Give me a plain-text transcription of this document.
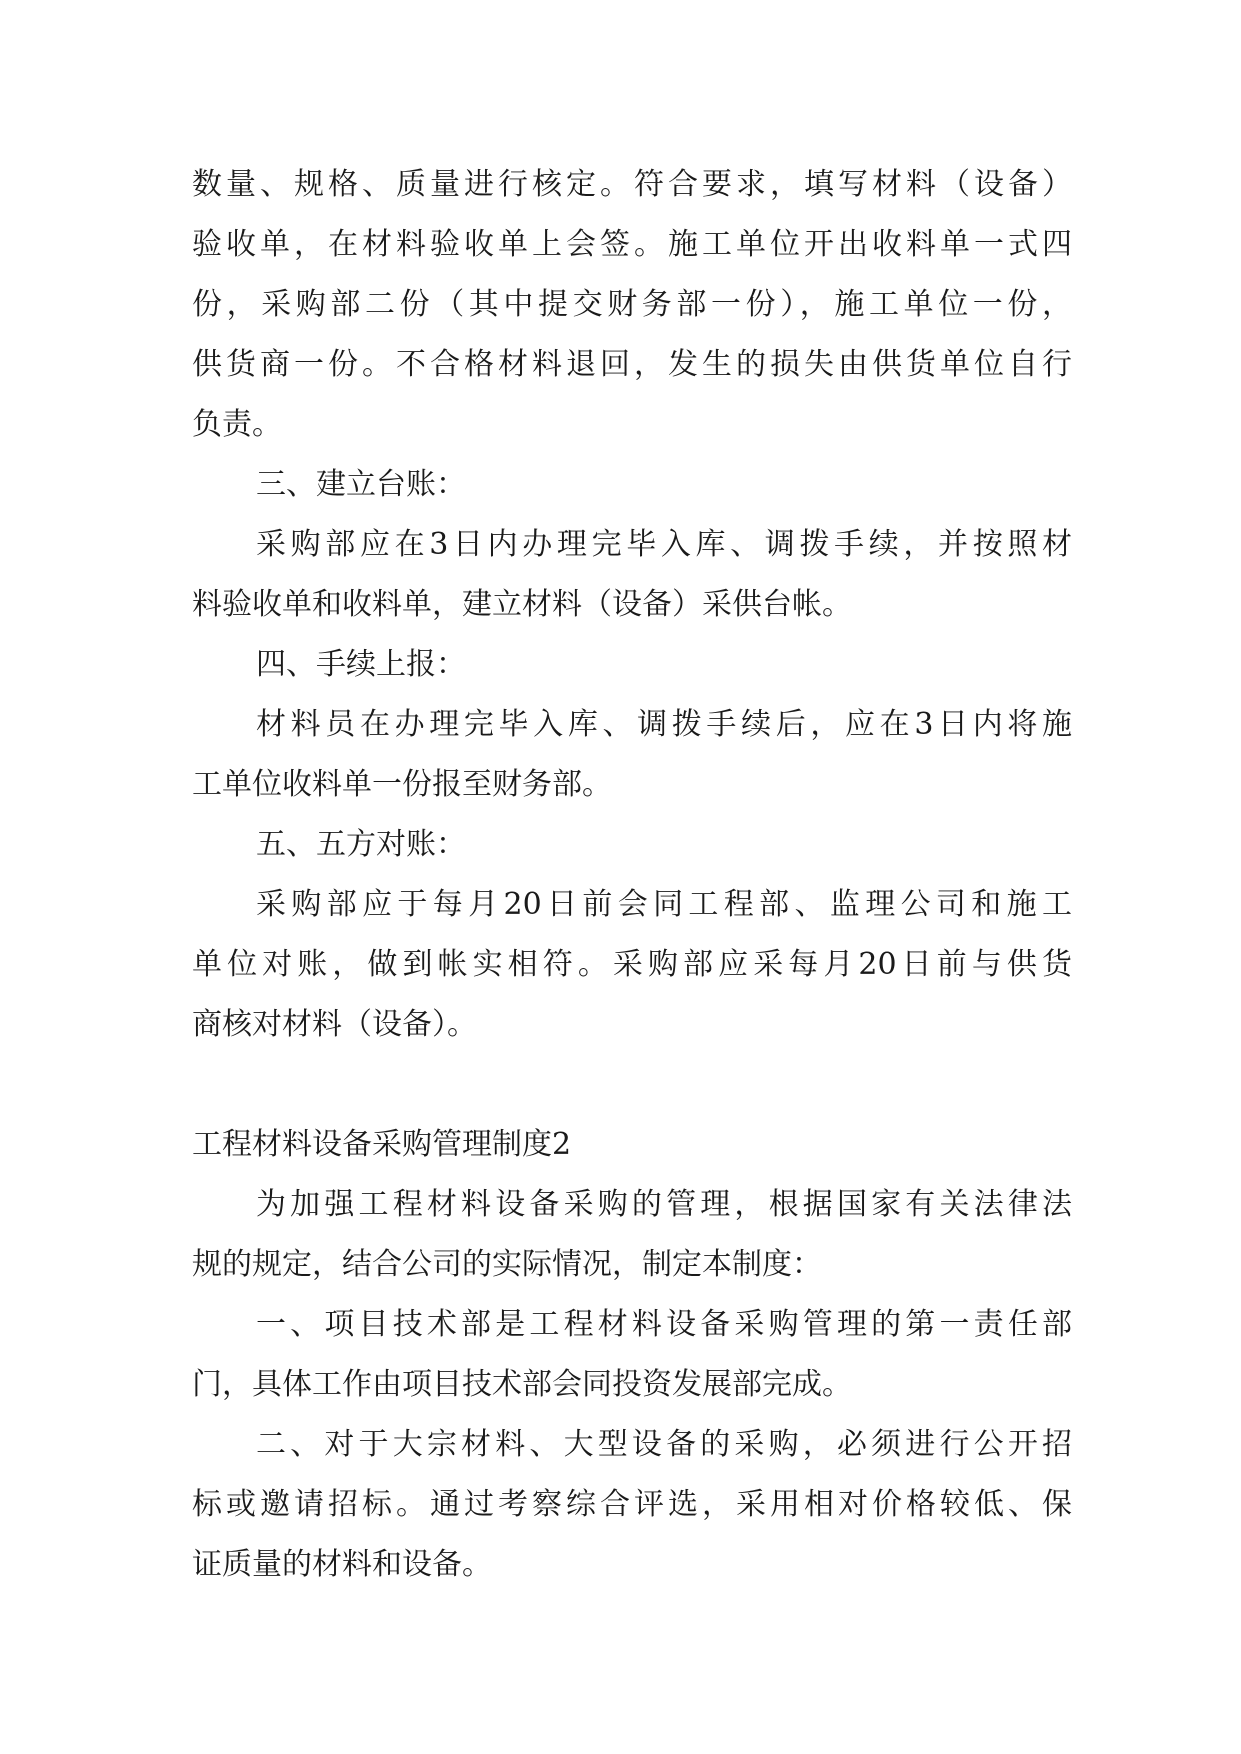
数量、规格、质量进行核定。符合要求，填写材料（设备）
验收单，在材料验收单上会签。施工单位开出收料单一式四
份，采购部二份（其中提交财务部一份），施工单位一份，
供货商一份。不合格材料退回，发生的损失由供货单位自行
负责。
三、建立台账：
采购部应在3日内办理完毕入库、调拨手续，并按照材
料验收单和收料单，建立材料（设备）采供台帐。
四、手续上报：
材料员在办理完毕入库、调拨手续后，应在3日内将施
工单位收料单一份报至财务部。
五、五方对账：
采购部应于每月20日前会同工程部、监理公司和施工
单位对账，做到帐实相符。采购部应采每月20日前与供货
商核对材料（设备）。
工程材料设备采购管理制度2
为加强工程材料设备采购的管理，根据国家有关法律法
规的规定，结合公司的实际情况，制定本制度：
一、项目技术部是工程材料设备采购管理的第一责任部
门，具体工作由项目技术部会同投资发展部完成。
二、对于大宗材料、大型设备的采购，必须进行公开招
标或邀请招标。通过考察综合评选，采用相对价格较低、保
证质量的材料和设备。
